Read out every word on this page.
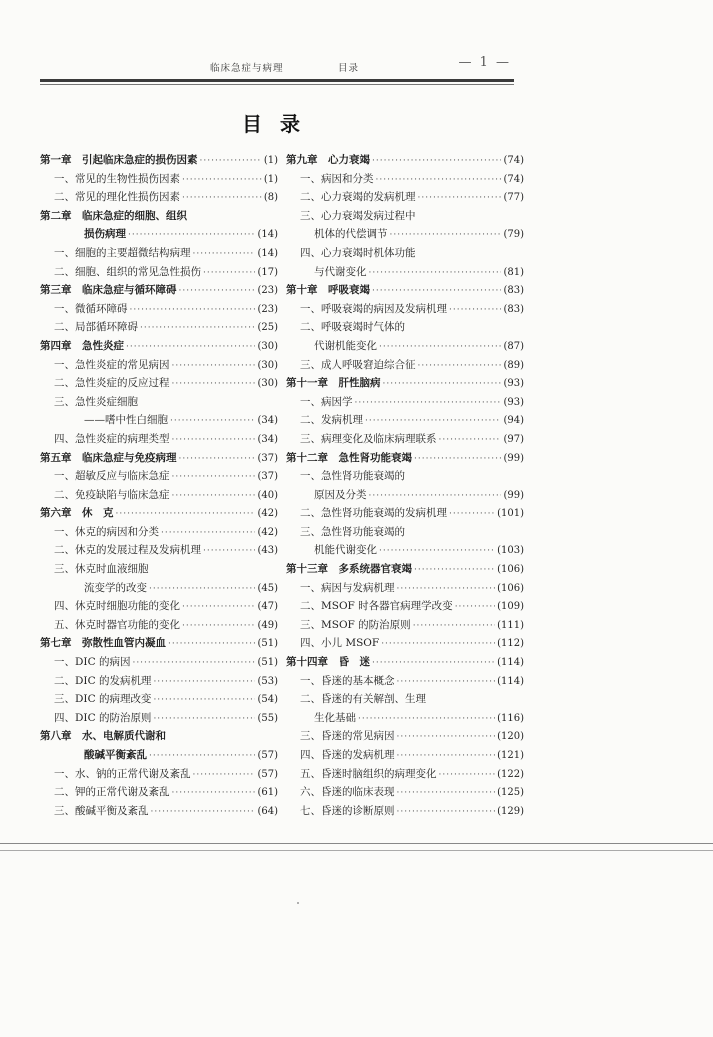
临床急症与病理	目录	— 1 —
目录
第一章　引起临床急症的损伤因素 ·····	(1)
一、常见的生物性损伤因素 ·····	(1)
二、常见的理化性损伤因素 ·····	(8)
第二章　临床急症的细胞、组织
损伤病理 ·····	(14)
一、细胞的主要超微结构病理 ·····	(14)
二、细胞、组织的常见急性损伤 ·····	(17)
第三章　临床急症与循环障碍 ·····	(23)
一、微循环障碍 ·····	(23)
二、局部循环障碍 ·····	(25)
第四章　急性炎症 ·····	(30)
一、急性炎症的常见病因 ·····	(30)
二、急性炎症的反应过程 ·····	(30)
三、急性炎症细胞
——嗜中性白细胞 ·····	(34)
四、急性炎症的病理类型 ·····	(34)
第五章　临床急症与免疫病理 ·····	(37)
一、超敏反应与临床急症 ·····	(37)
二、免疫缺陷与临床急症 ·····	(40)
第六章　休　克 ·····	(42)
一、休克的病因和分类 ·····	(42)
二、休克的发展过程及发病机理 ·····	(43)
三、休克时血液细胞
流变学的改变 ·····	(45)
四、休克时细胞功能的变化 ·····	(47)
五、休克时器官功能的变化 ·····	(49)
第七章　弥散性血管内凝血 ·····	(51)
一、DIC 的病因 ·····	(51)
二、DIC 的发病机理 ·····	(53)
三、DIC 的病理改变 ·····	(54)
四、DIC 的防治原则 ·····	(55)
第八章　水、电解质代谢和
酸碱平衡紊乱 ·····	(57)
一、水、钠的正常代谢及紊乱 ·····	(57)
二、钾的正常代谢及紊乱 ·····	(61)
三、酸碱平衡及紊乱 ·····	(64)
第九章　心力衰竭 ·····	(74)
一、病因和分类 ·····	(74)
二、心力衰竭的发病机理 ·····	(77)
三、心力衰竭发病过程中
机体的代偿调节 ·····	(79)
四、心力衰竭时机体功能
与代谢变化 ·····	(81)
第十章　呼吸衰竭 ·····	(83)
一、呼吸衰竭的病因及发病机理 ·····	(83)
二、呼吸衰竭时气体的
代谢机能变化 ·····	(87)
三、成人呼吸窘迫综合征 ·····	(89)
第十一章　肝性脑病 ·····	(93)
一、病因学 ·····	(93)
二、发病机理 ·····	(94)
三、病理变化及临床病理联系 ·····	(97)
第十二章　急性肾功能衰竭 ·····	(99)
一、急性肾功能衰竭的
原因及分类 ·····	(99)
二、急性肾功能衰竭的发病机理 ·····	(101)
三、急性肾功能衰竭的
机能代谢变化 ·····	(103)
第十三章　多系统器官衰竭 ·····	(106)
一、病因与发病机理 ·····	(106)
二、MSOF 时各器官病理学改变 ·····	(109)
三、MSOF 的防治原则 ·····	(111)
四、小儿 MSOF ·····	(112)
第十四章　昏　迷 ·····	(114)
一、昏迷的基本概念 ·····	(114)
二、昏迷的有关解剖、生理
生化基础 ·····	(116)
三、昏迷的常见病因 ·····	(120)
四、昏迷的发病机理 ·····	(121)
五、昏迷时脑组织的病理变化 ·····	(122)
六、昏迷的临床表现 ·····	(125)
七、昏迷的诊断原则 ·····	(129)
